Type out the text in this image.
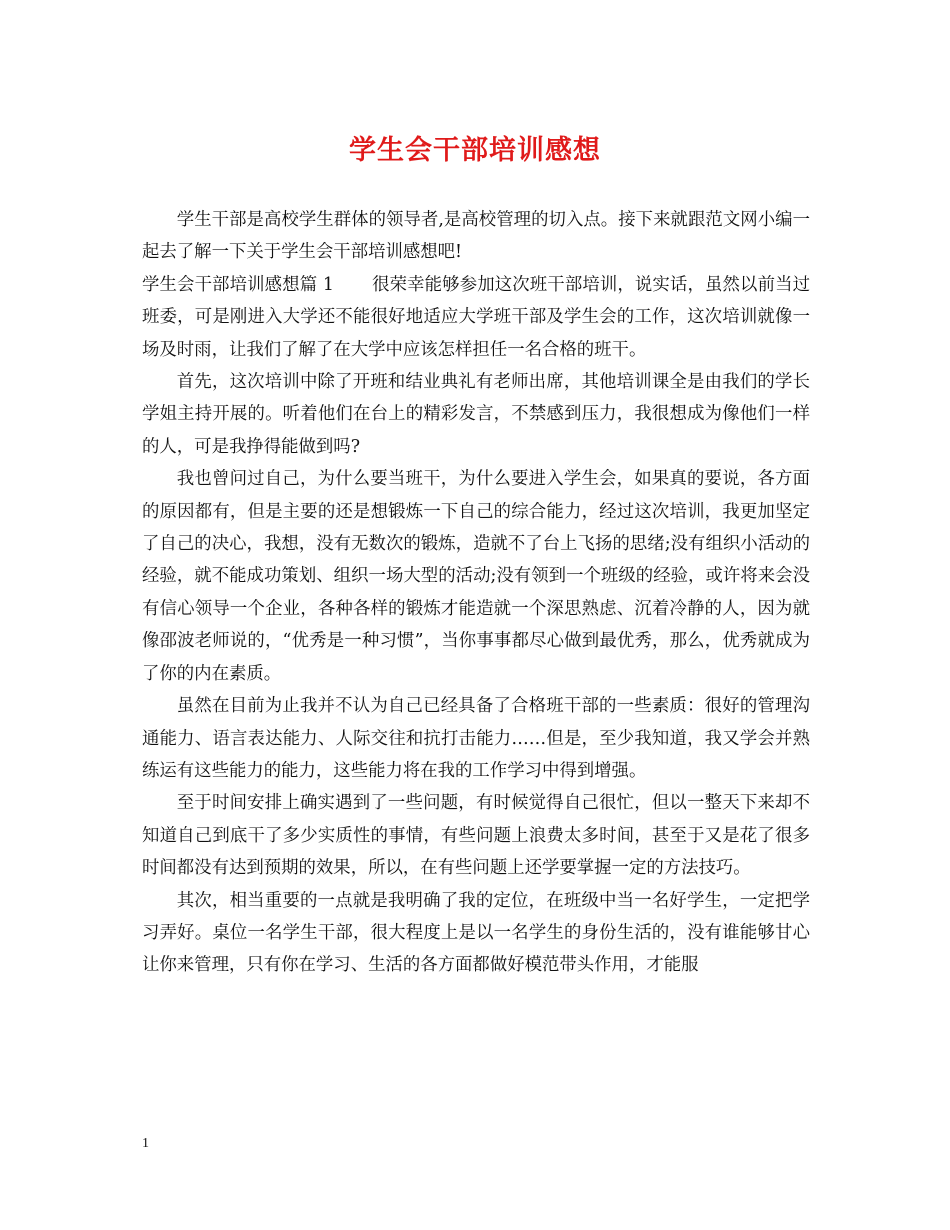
学生会干部培训感想

学生干部是高校学生群体的领导者,是高校管理的切入点。接下来就跟范文网小编一起去了解一下关于学生会干部培训感想吧!

学生会干部培训感想篇 1 很荣幸能够参加这次班干部培训，说实话，虽然以前当过班委，可是刚进入大学还不能很好地适应大学班干部及学生会的工作，这次培训就像一场及时雨，让我们了解了在大学中应该怎样担任一名合格的班干。

首先，这次培训中除了开班和结业典礼有老师出席，其他培训课全是由我们的学长学姐主持开展的。听着他们在台上的精彩发言，不禁感到压力，我很想成为像他们一样的人，可是我挣得能做到吗?

我也曾问过自己，为什么要当班干，为什么要进入学生会，如果真的要说，各方面的原因都有，但是主要的还是想锻炼一下自己的综合能力，经过这次培训，我更加坚定了自己的决心，我想，没有无数次的锻炼，造就不了台上飞扬的思绪;没有组织小活动的经验，就不能成功策划、组织一场大型的活动;没有领到一个班级的经验，或许将来会没有信心领导一个企业，各种各样的锻炼才能造就一个深思熟虑、沉着冷静的人，因为就像邵波老师说的，“优秀是一种习惯”，当你事事都尽心做到最优秀，那么，优秀就成为了你的内在素质。

虽然在目前为止我并不认为自己已经具备了合格班干部的一些素质：很好的管理沟通能力、语言表达能力、人际交往和抗打击能力……但是，至少我知道，我又学会并熟练运有这些能力的能力，这些能力将在我的工作学习中得到增强。

至于时间安排上确实遇到了一些问题，有时候觉得自己很忙，但以一整天下来却不知道自己到底干了多少实质性的事情，有些问题上浪费太多时间，甚至于又是花了很多时间都没有达到预期的效果，所以，在有些问题上还学要掌握一定的方法技巧。

其次，相当重要的一点就是我明确了我的定位，在班级中当一名好学生，一定把学习弄好。桌位一名学生干部，很大程度上是以一名学生的身份生活的，没有谁能够甘心让你来管理，只有你在学习、生活的各方面都做好模范带头作用，才能服

1
